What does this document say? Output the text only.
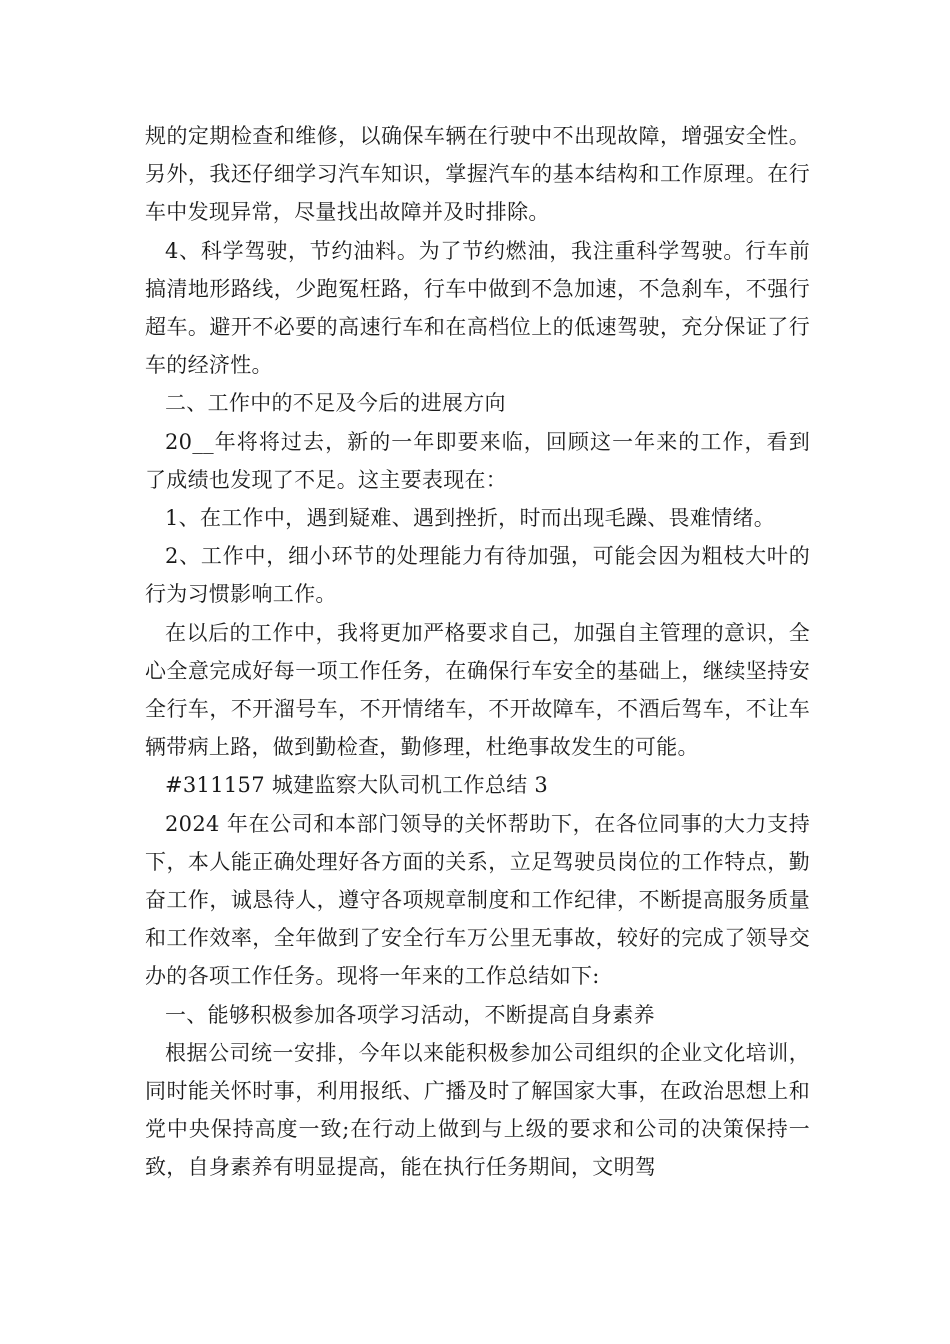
规的定期检查和维修，以确保车辆在行驶中不出现故障，增强安全性。另外，我还仔细学习汽车知识，掌握汽车的基本结构和工作原理。在行车中发现异常，尽量找出故障并及时排除。

4、科学驾驶，节约油料。为了节约燃油，我注重科学驾驶。行车前搞清地形路线，少跑冤枉路，行车中做到不急加速，不急刹车，不强行超车。避开不必要的高速行车和在高档位上的低速驾驶，充分保证了行车的经济性。

二、工作中的不足及今后的进展方向

20__年将将过去，新的一年即要来临，回顾这一年来的工作，看到了成绩也发现了不足。这主要表现在：

1、在工作中，遇到疑难、遇到挫折，时而出现毛躁、畏难情绪。

2、工作中，细小环节的处理能力有待加强，可能会因为粗枝大叶的行为习惯影响工作。

在以后的工作中，我将更加严格要求自己，加强自主管理的意识，全心全意完成好每一项工作任务，在确保行车安全的基础上，继续坚持安全行车，不开溜号车，不开情绪车，不开故障车，不酒后驾车，不让车辆带病上路，做到勤检查，勤修理，杜绝事故发生的可能。

#311157 城建监察大队司机工作总结 3

2024 年在公司和本部门领导的关怀帮助下，在各位同事的大力支持下，本人能正确处理好各方面的关系，立足驾驶员岗位的工作特点，勤奋工作，诚恳待人，遵守各项规章制度和工作纪律，不断提高服务质量和工作效率，全年做到了安全行车万公里无事故，较好的完成了领导交办的各项工作任务。现将一年来的工作总结如下:

一、能够积极参加各项学习活动，不断提高自身素养

根据公司统一安排，今年以来能积极参加公司组织的企业文化培训，同时能关怀时事，利用报纸、广播及时了解国家大事，在政治思想上和党中央保持高度一致;在行动上做到与上级的要求和公司的决策保持一致，自身素养有明显提高，能在执行任务期间，文明驾
